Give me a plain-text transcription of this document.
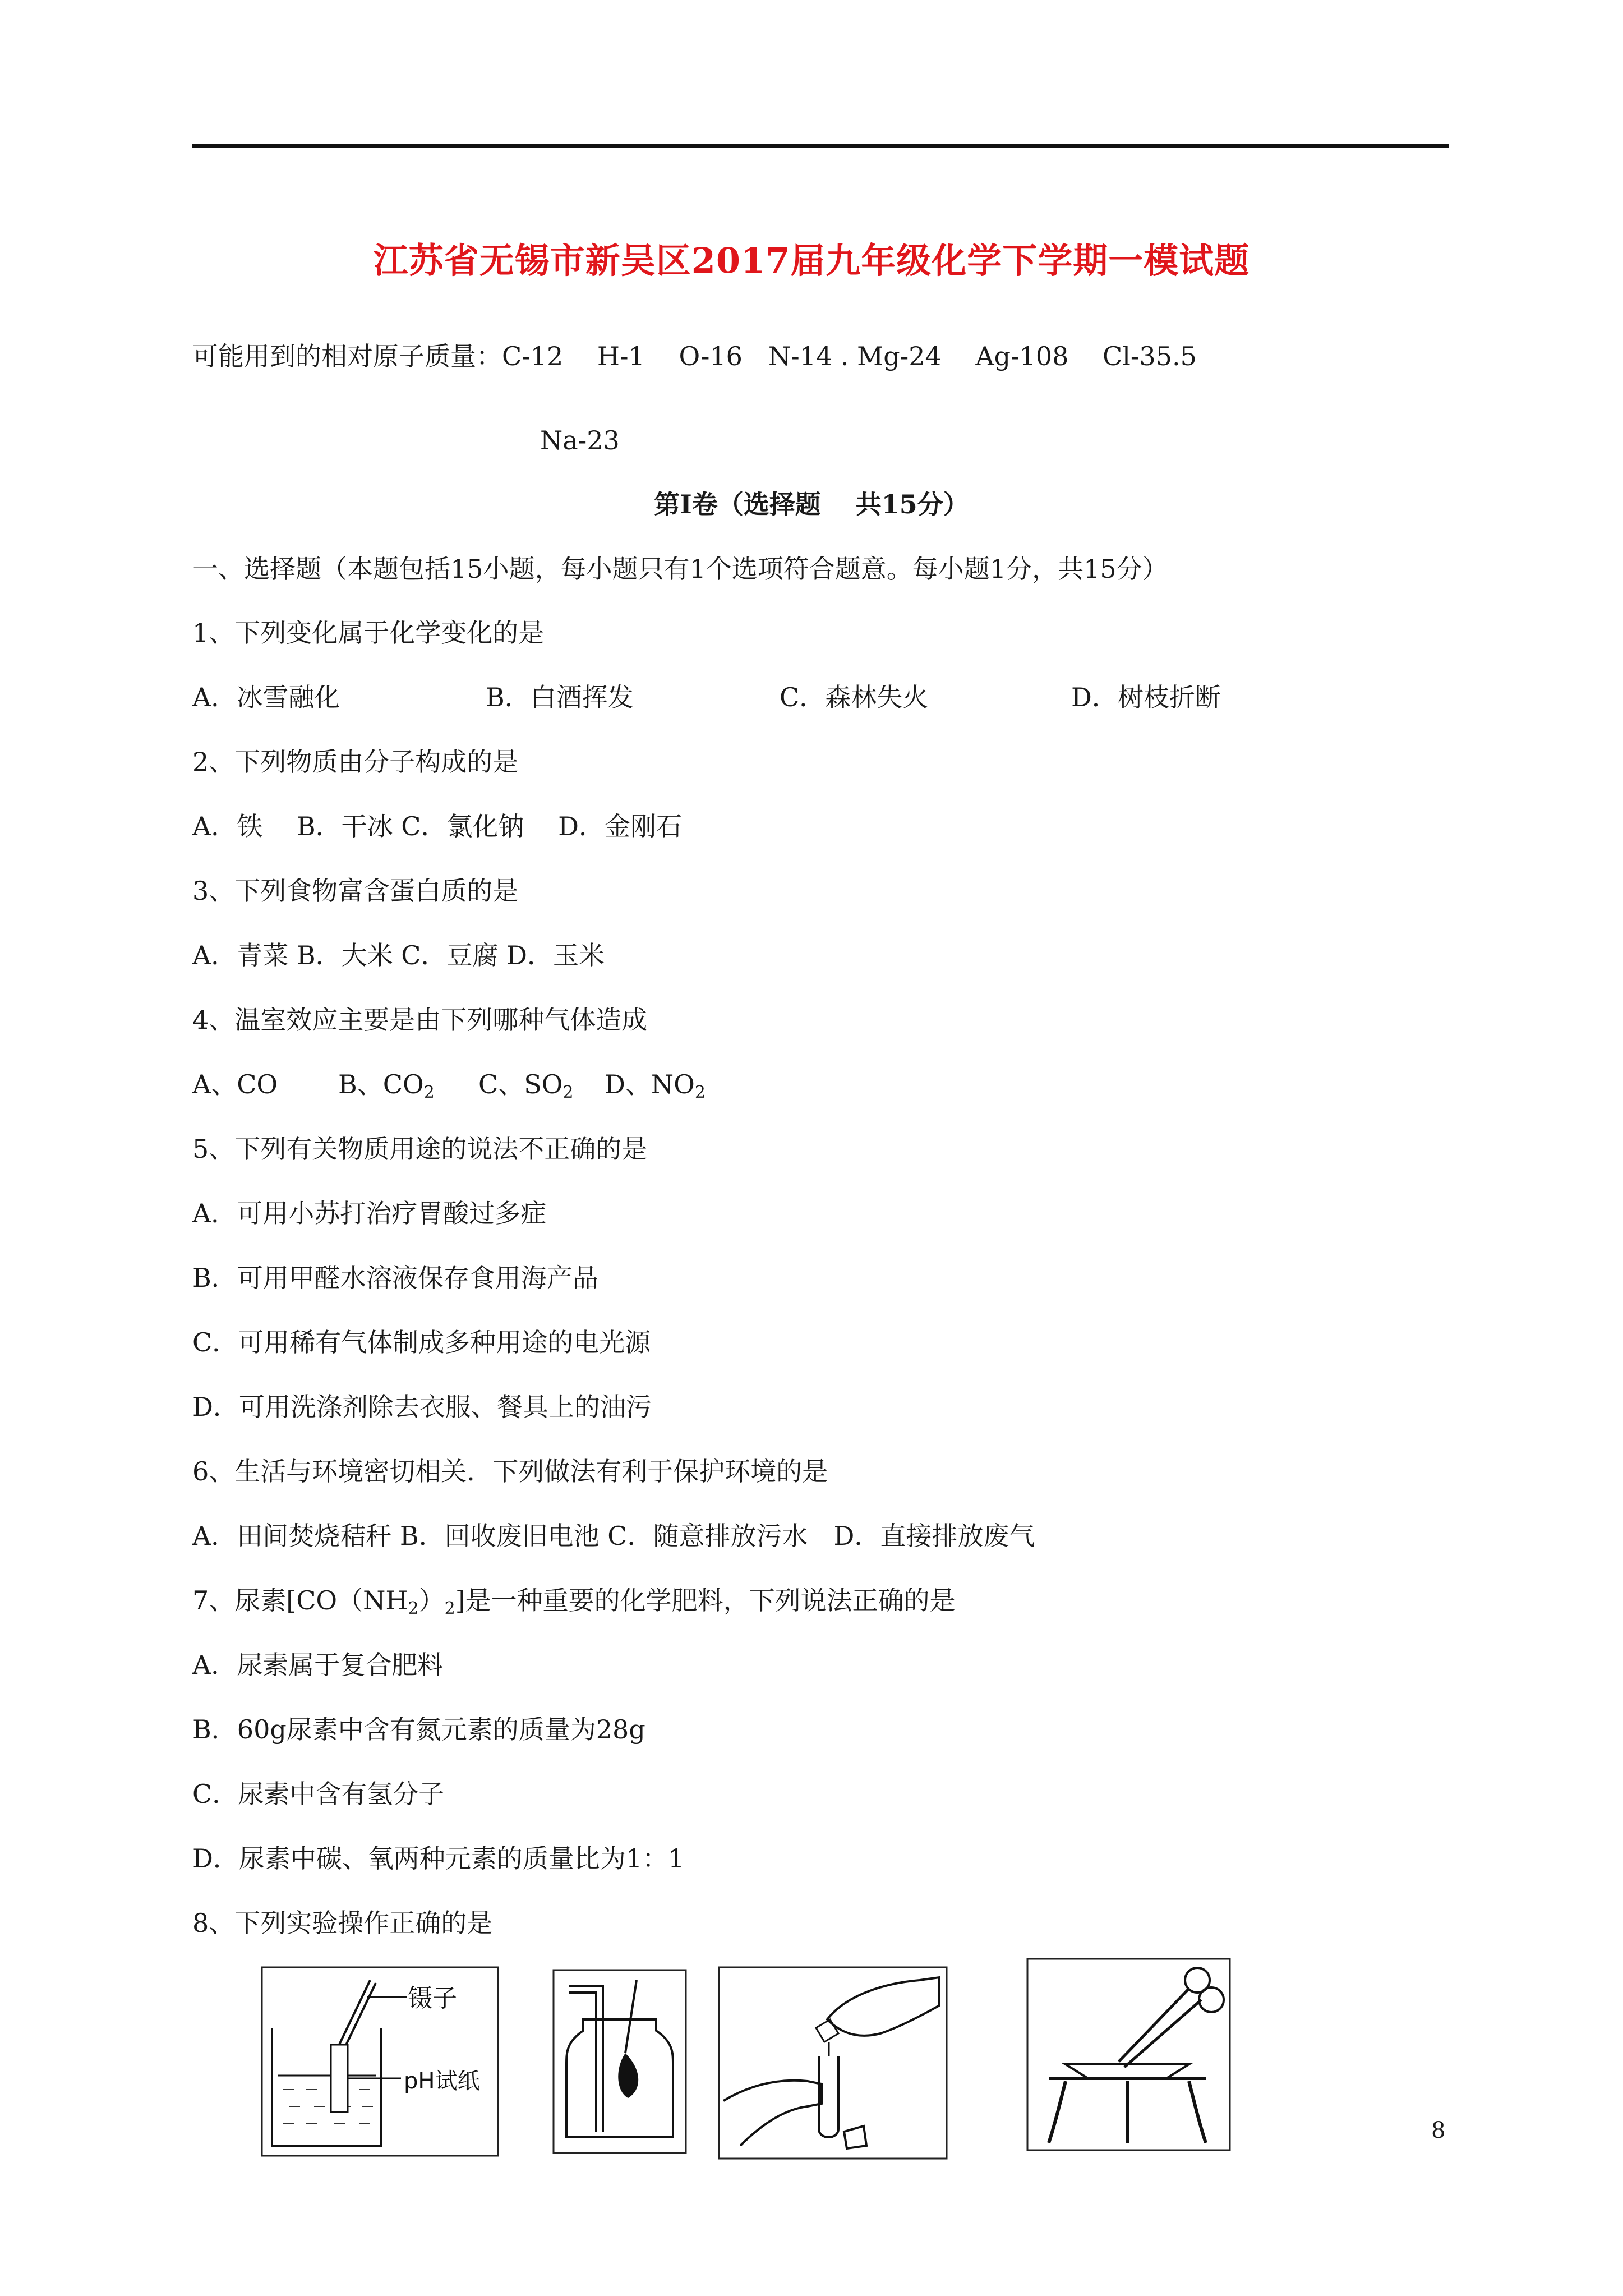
江苏省无锡市新吴区2017届九年级化学下学期一模试题
可能用到的相对原子质量：C-12　 H-1 　O-16　N-14 . Mg-24 　Ag-108　 Cl-35.5
Na-23
第Ⅰ卷（选择题　 共15分）
一、选择题（本题包括15小题，每小题只有1个选项符合题意。每小题1分，共15分）
1、下列变化属于化学变化的是

A．冰雪融化

	B．白酒挥发

	C．森林失火

	D．树枝折断

2、下列物质由分子构成的是
A．铁　 B．干冰 C．氯化钠　 D．金刚石
3、下列食物富含蛋白质的是
A．青菜 B．大米 C．豆腐 D．玉米
4、温室效应主要是由下列哪种气体造成

A、CO

B、$CO_2$

C、$SO_2$

D、$NO_2$

5、下列有关物质用途的说法不正确的是
A．可用小苏打治疗胃酸过多症
B．可用甲醛水溶液保存食用海产品
C．可用稀有气体制成多种用途的电光源
D．可用洗涤剂除去衣服、餐具上的油污
6、生活与环境密切相关．下列做法有利于保护环境的是
A．田间焚烧秸秆 B．回收废旧电池 C．随意排放污水　D．直接排放废气
7、尿素$[CO(NH_2)_2]$是一种重要的化学肥料，下列说法正确的是
A．尿素属于复合肥料
B．60g尿素中含有氮元素的质量为28g
C．尿素中含有氢分子
D．尿素中碳、氧两种元素的质量比为1：1
8、下列实验操作正确的是
镊子
pH试纸
8
